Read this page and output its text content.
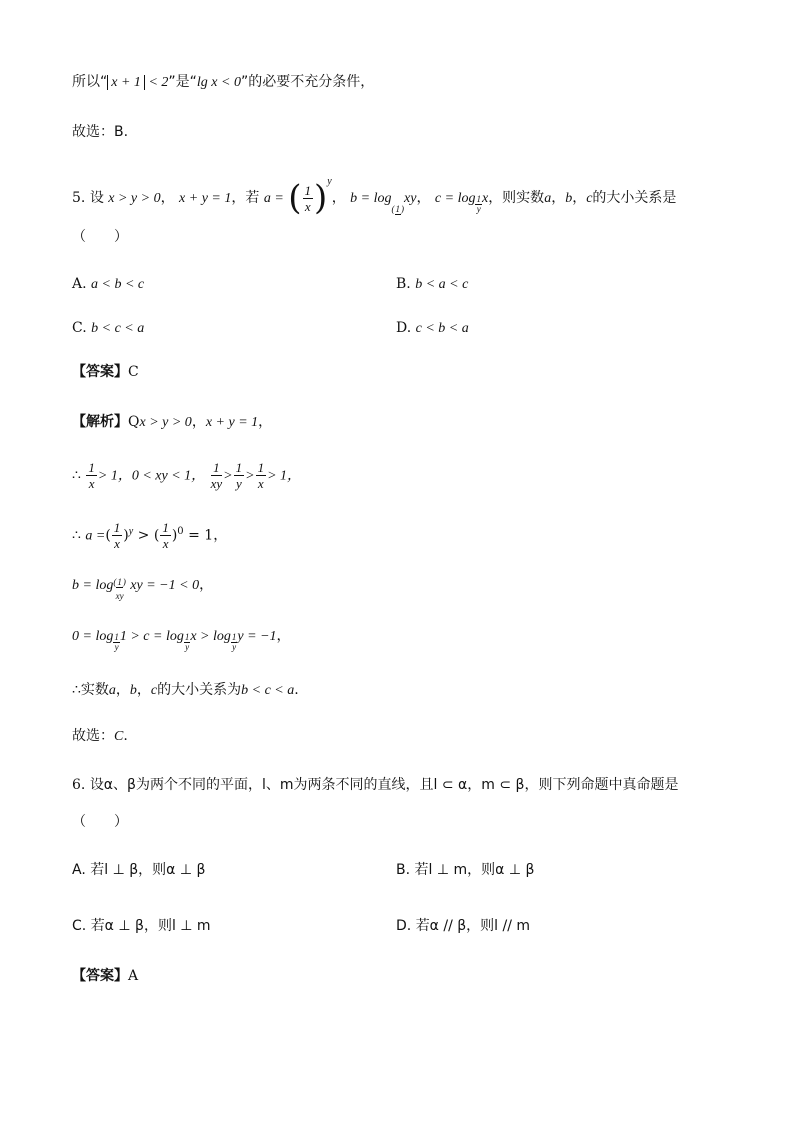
所以“ x + 1 < 2”是“lg x < 0”的必要不充分条件，
故选：B.
5. 设 x > y > 0， x + y = 1，若 a = ( $\frac{1}{x} )^y$， b = log(1)xy， $c = \log \frac{1}{y}$ x，则实数a，b，c的大小关系是
（　　）
A. a < b < c	B. b < a < c
C. b < c < a	D. c < b < a
【答案】C
【解析】Qx > y > 0，x + y = 1，
∴ $\frac{1}{x} > 1$，0 < xy < 1， $\frac{1}{xy} > \frac{1}{y} > \frac{1}{x} > 1$，
∴ a =( $\frac{1}{x} )^y$ > ( $\frac{1}{x} )^0 = 1$，
b = log(1)
xy
xy = −1 < 0，
$0 = \log \frac{1}{y} 1 > c = \log \frac{1}{y}$ $x > \log \frac{1}{y}$ y = −1，
∴实数a，b，c的大小关系为b < c < a.
故选：C.
6. 设α、β为两个不同的平面，l、m为两条不同的直线，且l ⊂ α，m ⊂ β，则下列命题中真命题是
（　　）
A. 若l ⊥ β，则α ⊥ β	B. 若l ⊥ m，则α ⊥ β
C. 若α ⊥ β，则l ⊥ m	D. 若α // β，则l // m
【答案】A
